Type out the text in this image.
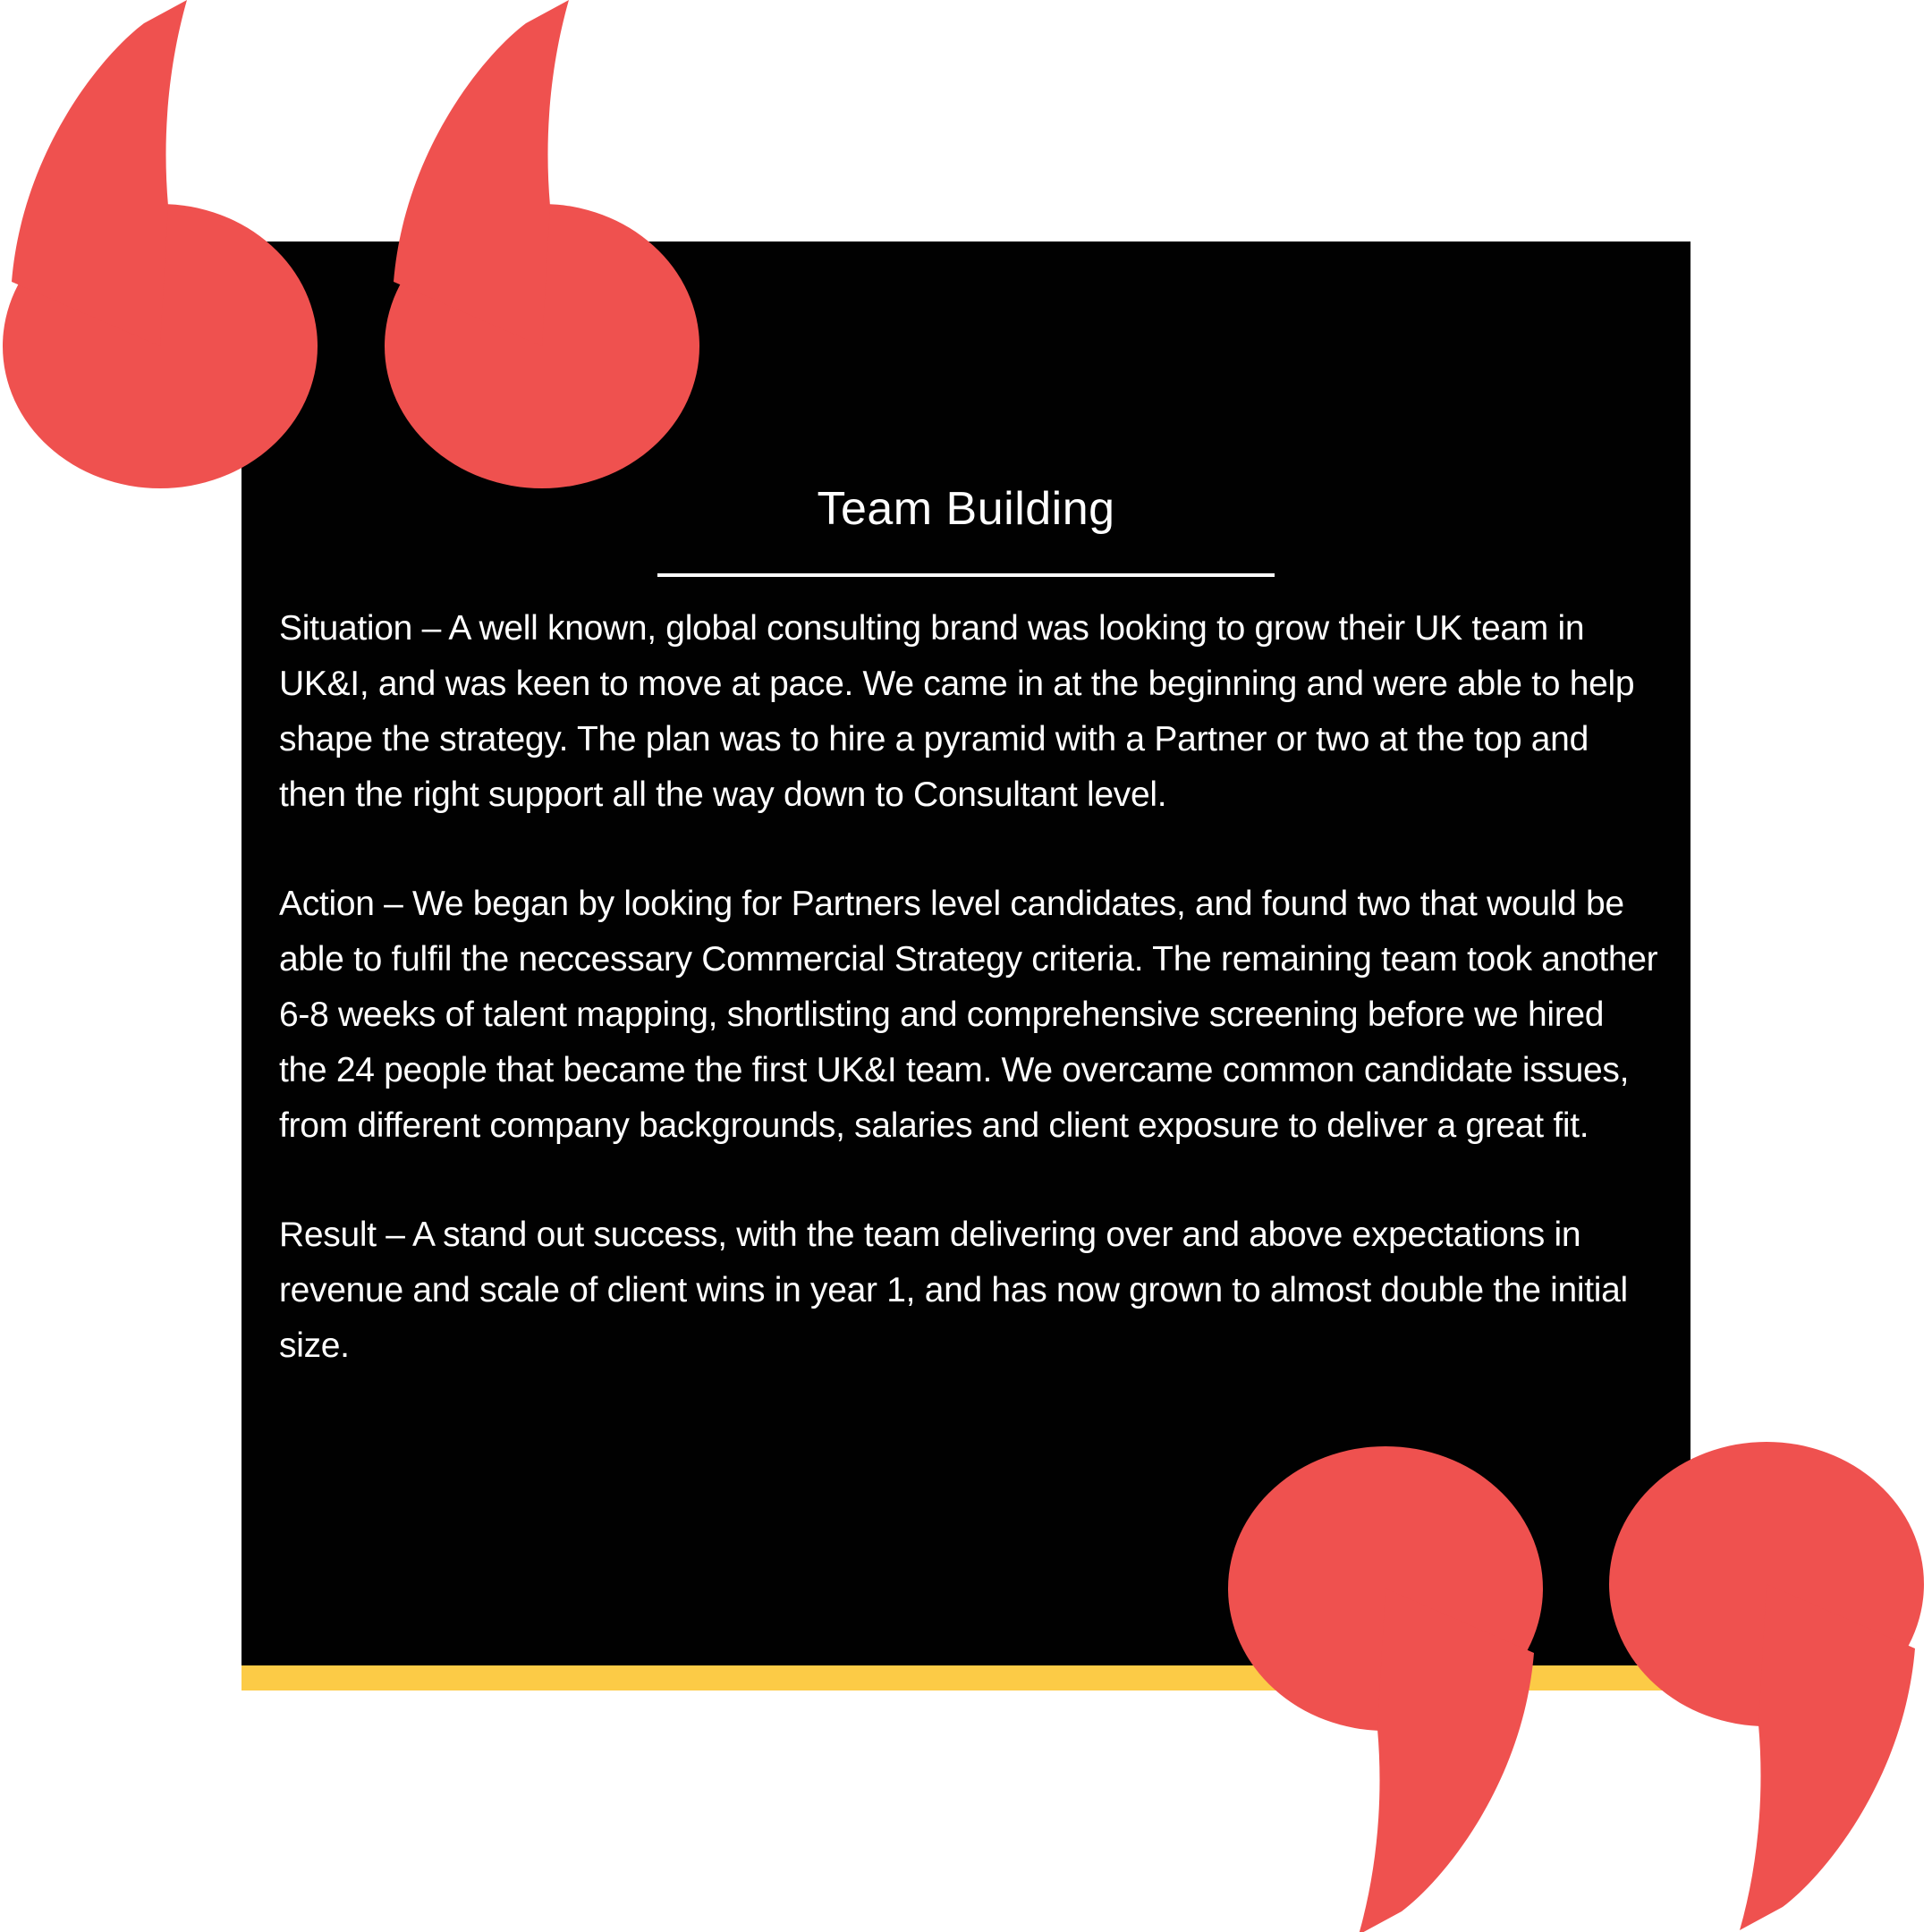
Team Building

Situation – A well known, global consulting brand was looking to grow their UK team in UK&I, and was keen to move at pace. We came in at the beginning and were able to help shape the strategy. The plan was to hire a pyramid with a Partner or two at the top and then the right support all the way down to Consultant level.

Action – We began by looking for Partners level candidates, and found two that would be able to fulfil the neccessary Commercial Strategy criteria. The remaining team took another 6-8 weeks of talent mapping, shortlisting and comprehensive screening before we hired the 24 people that became the first UK&I team. We overcame common candidate issues, from different company backgrounds, salaries and client exposure to deliver a great fit.

Result – A stand out success, with the team delivering over and above expectations in revenue and scale of client wins in year 1, and has now grown to almost double the initial size.
